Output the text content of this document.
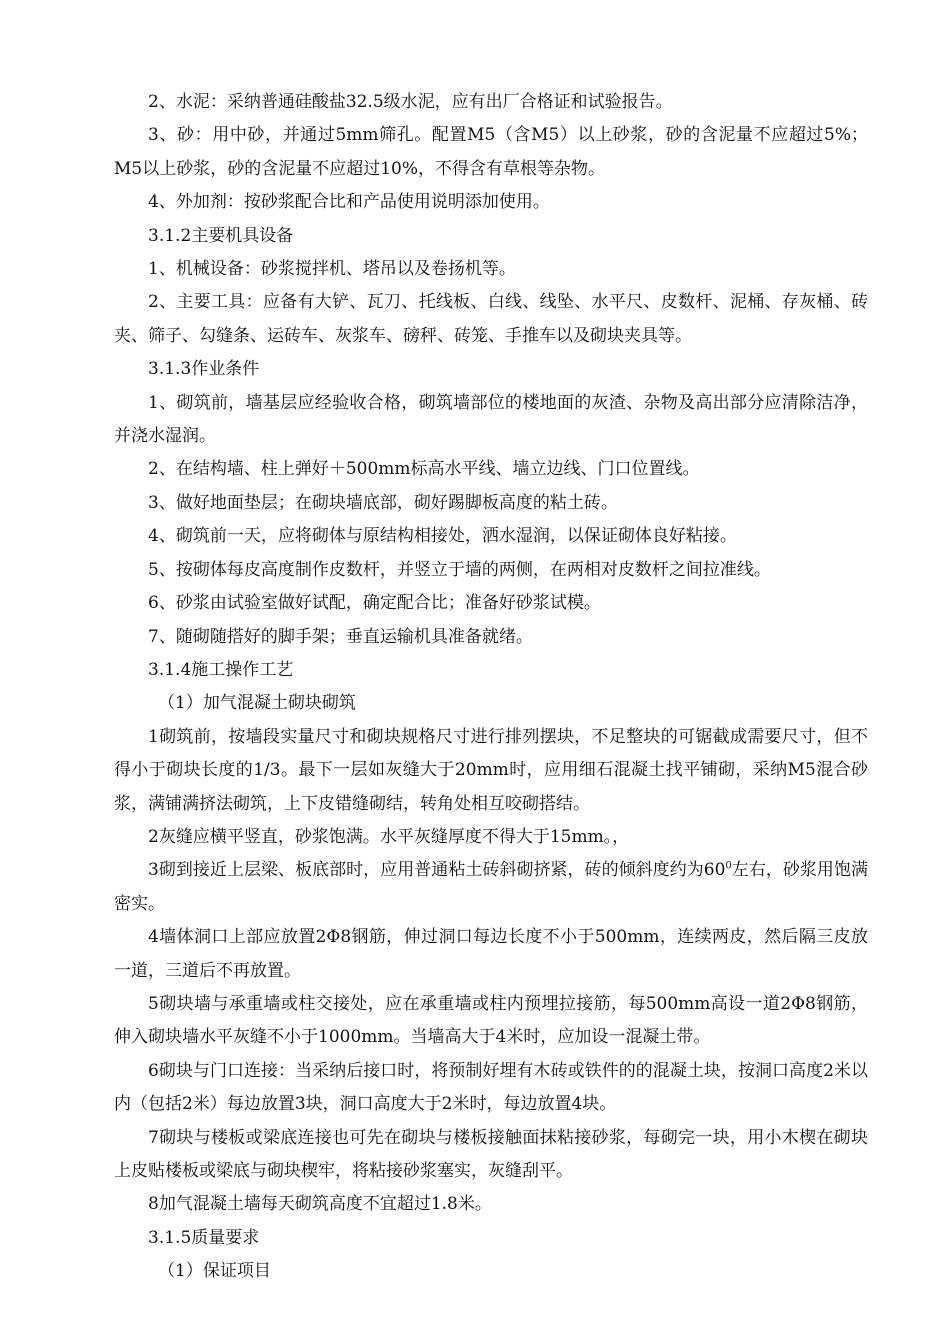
2、水泥：采纳普通硅酸盐32.5级水泥，应有出厂合格证和试验报告。

3、砂：用中砂，并通过5mm筛孔。配置M5（含M5）以上砂浆，砂的含泥量不应超过5%；M5以上砂浆，砂的含泥量不应超过10%，不得含有草根等杂物。

4、外加剂：按砂浆配合比和产品使用说明添加使用。

3.1.2主要机具设备

1、机械设备：砂浆搅拌机、塔吊以及卷扬机等。

2、主要工具：应备有大铲、瓦刀、托线板、白线、线坠、水平尺、皮数杆、泥桶、存灰桶、砖夹、筛子、勾缝条、运砖车、灰浆车、磅秤、砖笼、手推车以及砌块夹具等。

3.1.3作业条件

1、砌筑前，墙基层应经验收合格，砌筑墙部位的楼地面的灰渣、杂物及高出部分应清除洁净，并浇水湿润。

2、在结构墙、柱上弹好＋500mm标高水平线、墙立边线、门口位置线。

3、做好地面垫层；在砌块墙底部，砌好踢脚板高度的粘土砖。

4、砌筑前一天，应将砌体与原结构相接处，洒水湿润，以保证砌体良好粘接。

5、按砌体每皮高度制作皮数杆，并竖立于墙的两侧，在两相对皮数杆之间拉准线。

6、砂浆由试验室做好试配，确定配合比；准备好砂浆试模。

7、随砌随搭好的脚手架；垂直运输机具准备就绪。

3.1.4施工操作工艺

（1）加气混凝土砌块砌筑

1砌筑前，按墙段实量尺寸和砌块规格尺寸进行排列摆块，不足整块的可锯截成需要尺寸，但不得小于砌块长度的1/3。最下一层如灰缝大于20mm时，应用细石混凝土找平铺砌，采纳M5混合砂浆，满铺满挤法砌筑，上下皮错缝砌结，转角处相互咬砌搭结。

2灰缝应横平竖直，砂浆饱满。水平灰缝厚度不得大于15mm。，

3砌到接近上层梁、板底部时，应用普通粘土砖斜砌挤紧，砖的倾斜度约为$60^0$左右，砂浆用饱满密实。

4墙体洞口上部应放置2Φ8钢筋，伸过洞口每边长度不小于500mm，连续两皮，然后隔三皮放一道，三道后不再放置。

5砌块墙与承重墙或柱交接处，应在承重墙或柱内预埋拉接筋，每500mm高设一道2Φ8钢筋，伸入砌块墙水平灰缝不小于1000mm。当墙高大于4米时，应加设一混凝土带。

6砌块与门口连接：当采纳后接口时，将预制好埋有木砖或铁件的的混凝土块，按洞口高度2米以内（包括2米）每边放置3块，洞口高度大于2米时，每边放置4块。

7砌块与楼板或梁底连接也可先在砌块与楼板接触面抹粘接砂浆，每砌完一块，用小木楔在砌块上皮贴楼板或梁底与砌块楔牢，将粘接砂浆塞实，灰缝刮平。

8加气混凝土墙每天砌筑高度不宜超过1.8米。

3.1.5质量要求

（1）保证项目
